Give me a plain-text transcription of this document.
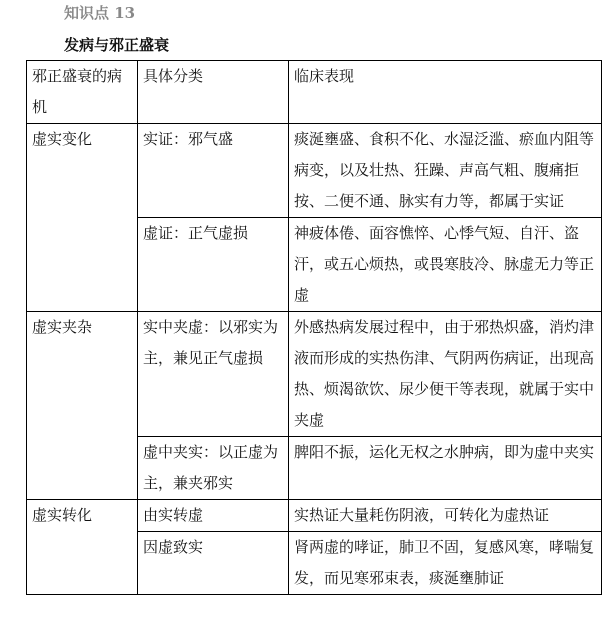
知识点 13
发病与邪正盛衰
邪正盛衰的病机	具体分类	临床表现
虚实变化	实证：邪气盛	痰涎壅盛、食积不化、水湿泛滥、瘀血内阻等病变，以及壮热、狂躁、声高气粗、腹痛拒按、二便不通、脉实有力等，都属于实证
	虚证：正气虚损	神疲体倦、面容憔悴、心悸气短、自汗、盗汗，或五心烦热，或畏寒肢冷、脉虚无力等正虚
虚实夹杂	实中夹虚：以邪实为主，兼见正气虚损	外感热病发展过程中，由于邪热炽盛，消灼津液而形成的实热伤津、气阴两伤病证，出现高热、烦渴欲饮、尿少便干等表现，就属于实中夹虚
	虚中夹实：以正虚为主，兼夹邪实	脾阳不振，运化无权之水肿病，即为虚中夹实
虚实转化	由实转虚	实热证大量耗伤阴液，可转化为虚热证
	因虚致实	肾两虚的哮证，肺卫不固，复感风寒，哮喘复发，而见寒邪束表，痰涎壅肺证
